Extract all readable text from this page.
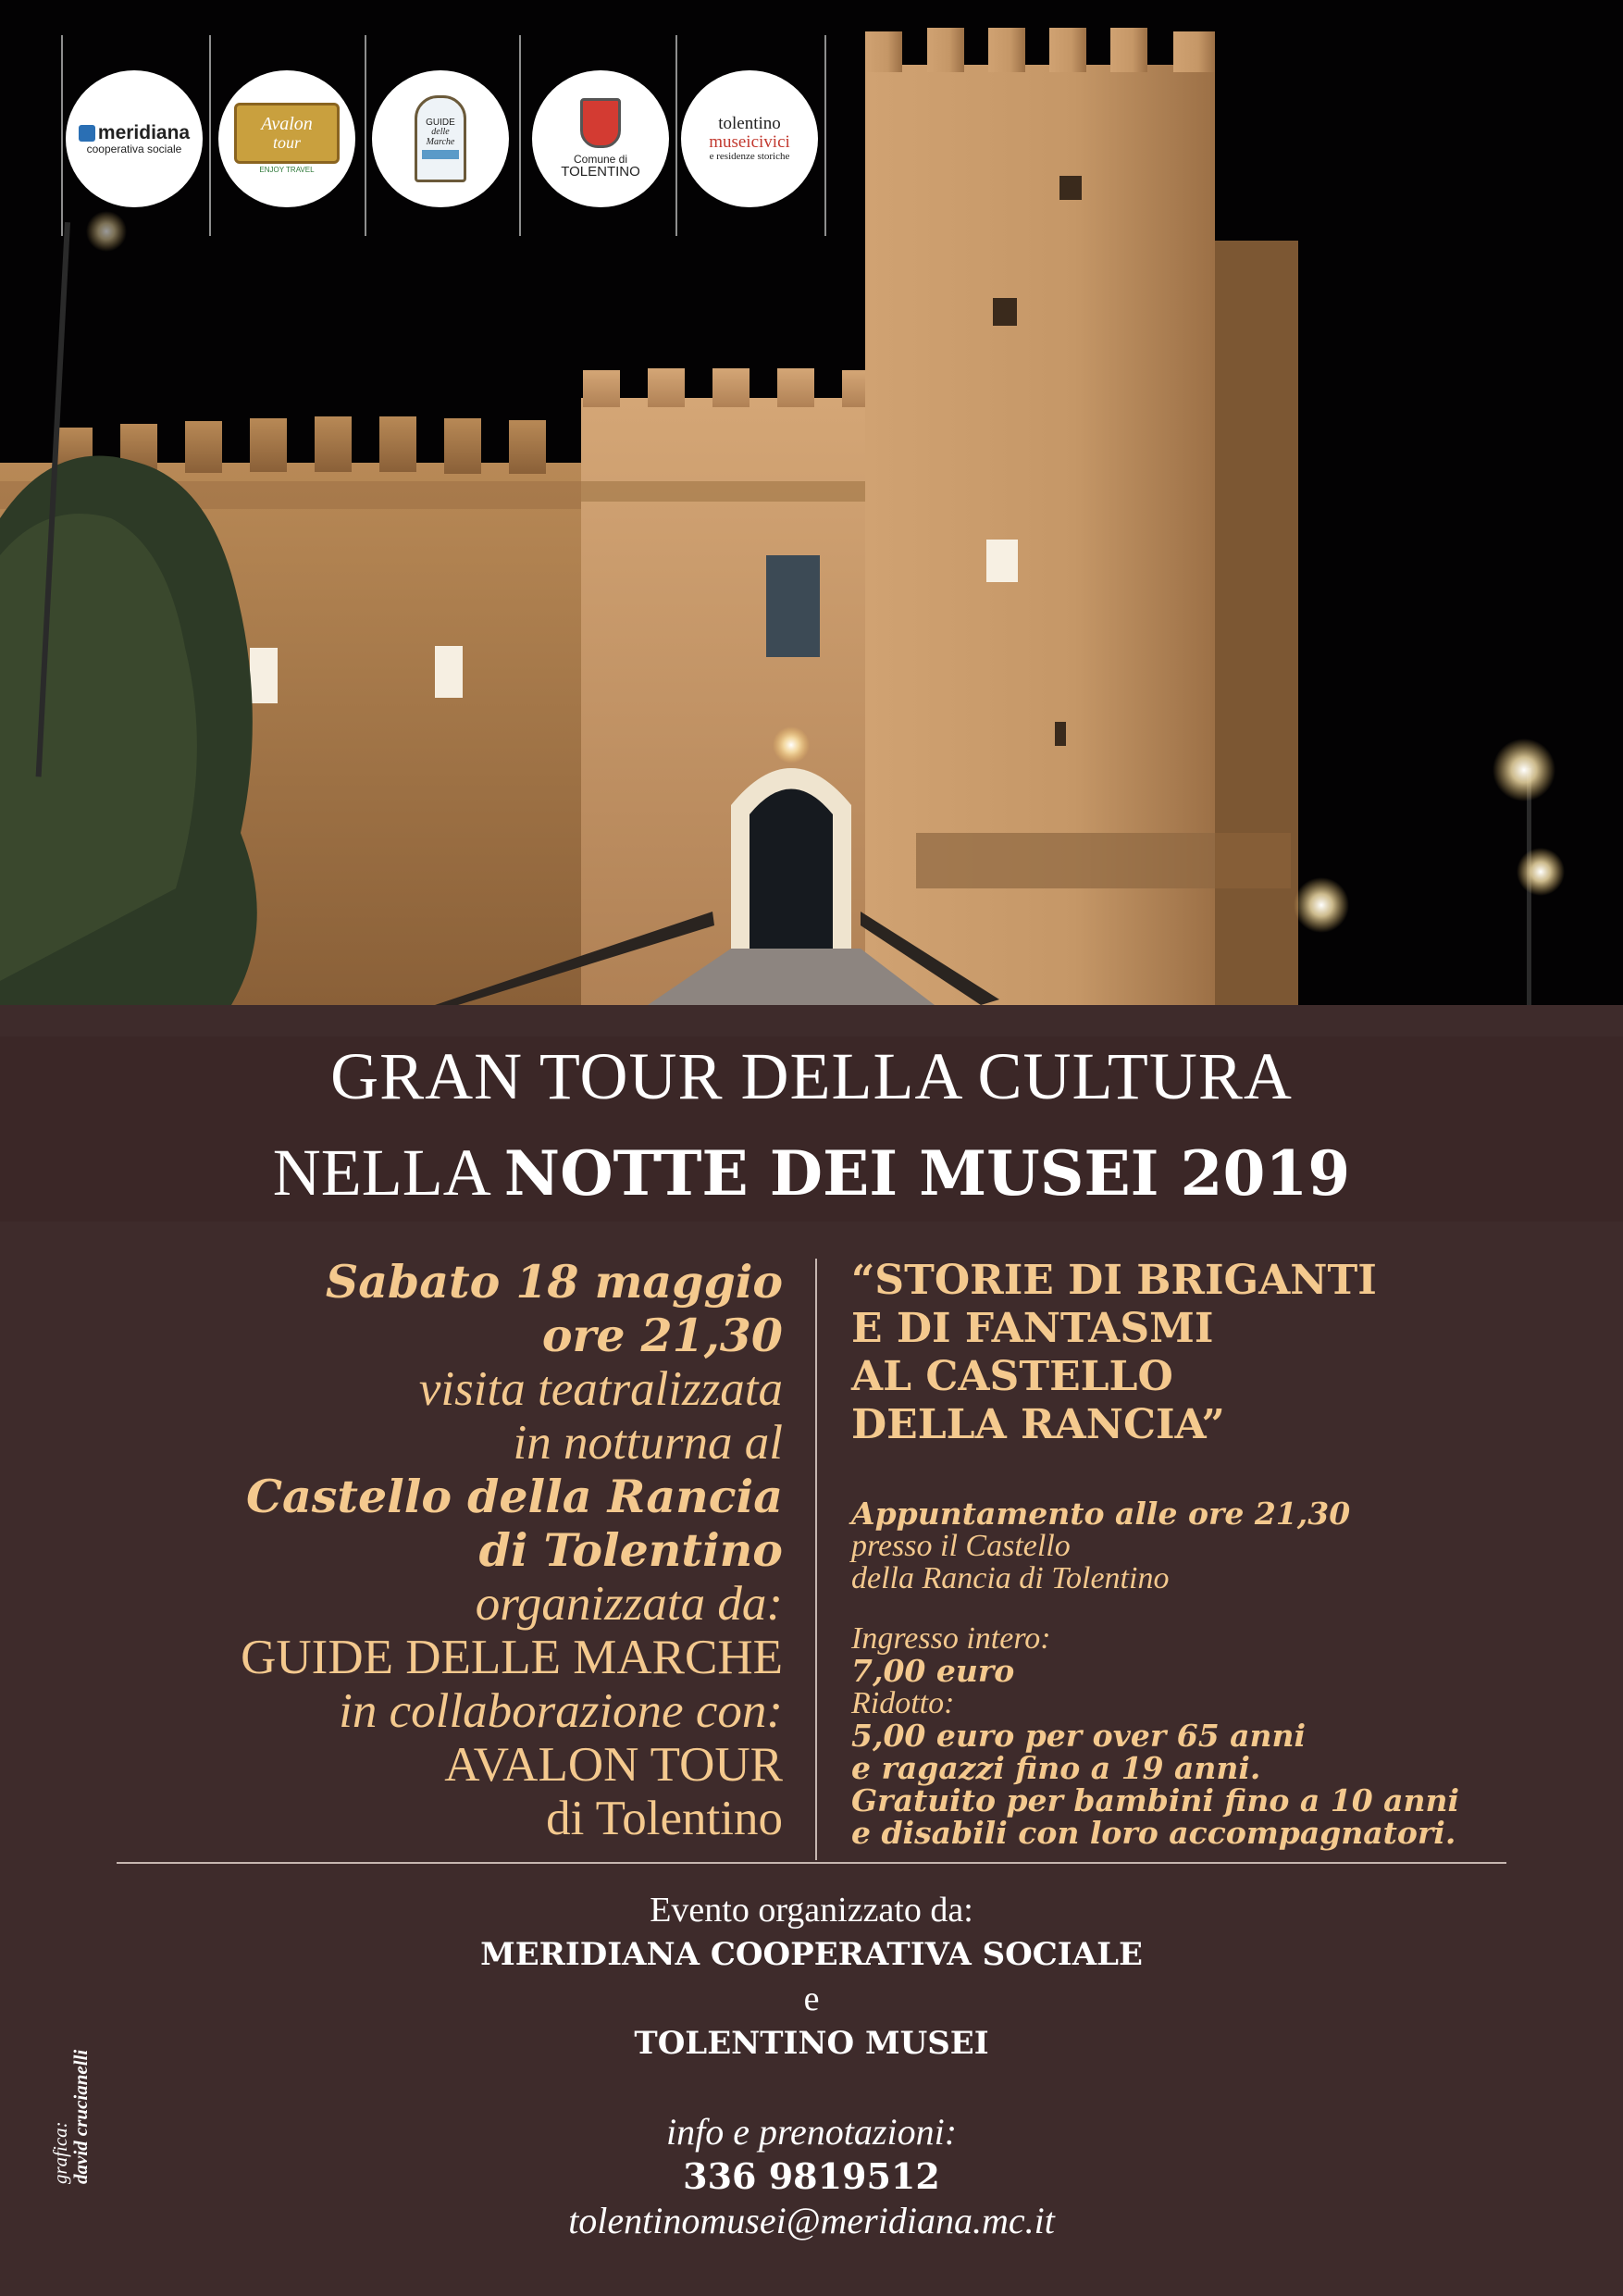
meridiana
cooperativa sociale
Avalon
tour
ENJOY TRAVEL
GUIDE
delle Marche
Comune di
TOLENTINO
tolentino
museicivici
e residenze storiche
GRAN TOUR DELLA CULTURA
NELLA NOTTE DEI MUSEI 2019
Sabato 18 maggio
ore 21,30
visita teatralizzata
in notturna al
Castello della Rancia
di Tolentino
organizzata da:
GUIDE DELLE MARCHE
in collaborazione con:
AVALON TOUR
di Tolentino
“STORIE DI BRIGANTI
E DI FANTASMI
AL CASTELLO
DELLA RANCIA”
Appuntamento alle ore 21,30
presso il Castello
della Rancia di Tolentino
Ingresso intero:
7,00 euro
Ridotto:
5,00 euro per over 65 anni
e ragazzi fino a 19 anni.
Gratuito per bambini fino a 10 anni
e disabili con loro accompagnatori.
Evento organizzato da:
MERIDIANA COOPERATIVA SOCIALE
e
TOLENTINO MUSEI
info e prenotazioni:
336 9819512
tolentinomusei@meridiana.mc.it
grafica:
david crucianelli
